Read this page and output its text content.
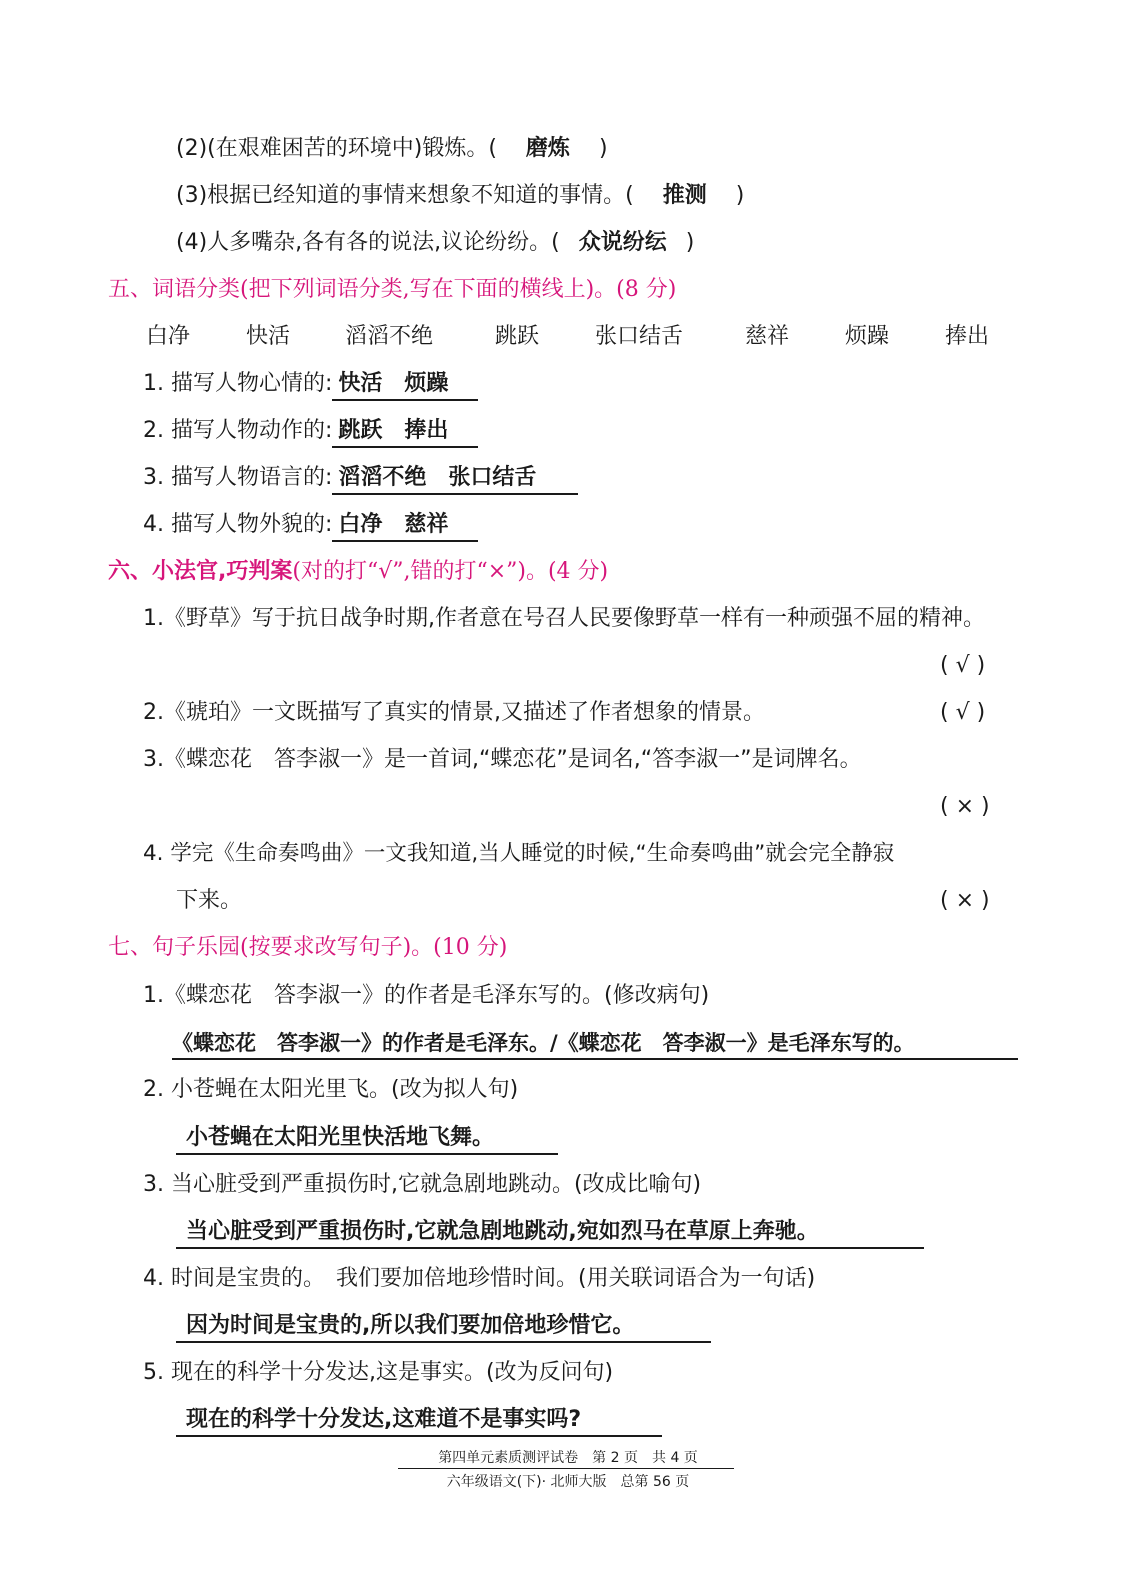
(2)(在艰难困苦的环境中)锻炼。( 磨炼 )
(3)根据已经知道的事情来想象不知道的事情。( 推测 )
(4)人多嘴杂,各有各的说法,议论纷纷。( 众说纷纭 )
五、词语分类(把下列词语分类,写在下面的横线上)。(8 分)
白净	快活 滔滔不绝	跳跃	张口结舌	慈祥	烦躁	捧出
1. 描写人物心情的: 快活　烦躁
2. 描写人物动作的: 跳跃　捧出
3. 描写人物语言的: 滔滔不绝　张口结舌
4. 描写人物外貌的: 白净　慈祥
六、小法官,巧判案(对的打“√”,错的打“×”)。(4 分)
1.《野草》写于抗日战争时期,作者意在号召人民要像野草一样有一种顽强不屈的精神。
( √ )
2.《琥珀》一文既描写了真实的情景,又描述了作者想象的情景。	( √ )
3.《蝶恋花　答李淑一》是一首词,“蝶恋花”是词名,“答李淑一”是词牌名。
( × )
4. 学完《生命奏鸣曲》一文我知道,当人睡觉的时候,“生命奏鸣曲”就会完全静寂
下来。	( × )
七、句子乐园(按要求改写句子)。(10 分)
1.《蝶恋花　答李淑一》的作者是毛泽东写的。(修改病句)
《蝶恋花　答李淑一》的作者是毛泽东。/《蝶恋花　答李淑一》是毛泽东写的。
2. 小苍蝇在太阳光里飞。(改为拟人句)
小苍蝇在太阳光里快活地飞舞。
3. 当心脏受到严重损伤时,它就急剧地跳动。(改成比喻句)
当心脏受到严重损伤时,它就急剧地跳动,宛如烈马在草原上奔驰。
4. 时间是宝贵的。　我们要加倍地珍惜时间。(用关联词语合为一句话)
因为时间是宝贵的,所以我们要加倍地珍惜它。
5. 现在的科学十分发达,这是事实。(改为反问句)
现在的科学十分发达,这难道不是事实吗?
第四单元素质测评试卷　第 2 页　共 4 页
六年级语文(下)· 北师大版　总第 56 页
